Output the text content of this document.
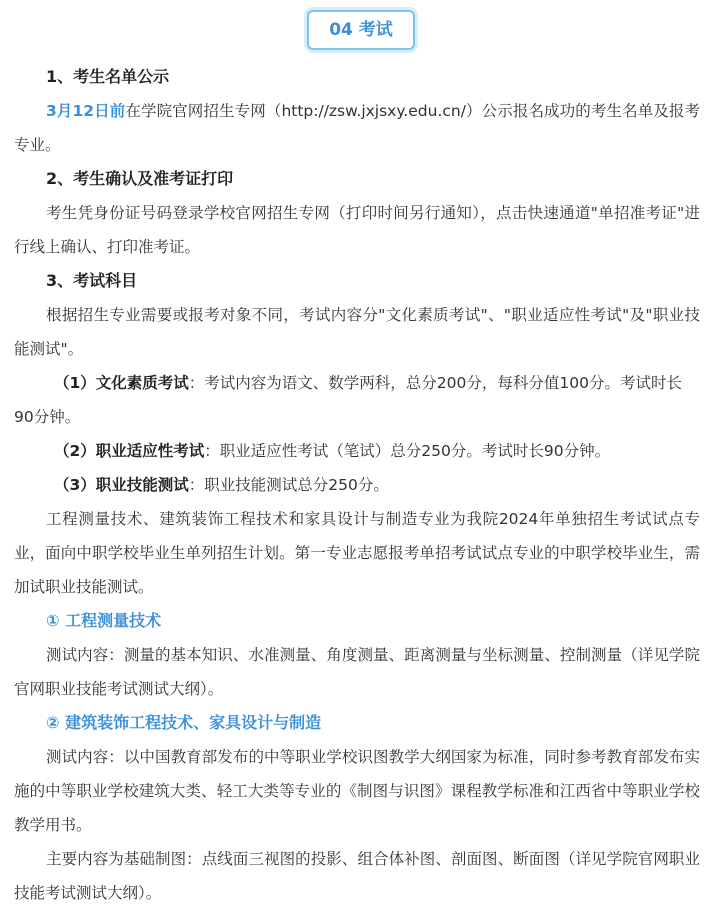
04 考试

1、考生名单公示

3月12日前在学院官网招生专网（http://zsw.jxjsxy.edu.cn/）公示报名成功的考生名单及报考专业。

2、考生确认及准考证打印

考生凭身份证号码登录学校官网招生专网（打印时间另行通知），点击快速通道"单招准考证"进行线上确认、打印准考证。

3、考试科目

根据招生专业需要或报考对象不同，考试内容分"文化素质考试"、"职业适应性考试"及"职业技能测试"。

（1）文化素质考试：考试内容为语文、数学两科，总分200分，每科分值100分。考试时长90分钟。

（2）职业适应性考试：职业适应性考试（笔试）总分250分。考试时长90分钟。

（3）职业技能测试：职业技能测试总分250分。

工程测量技术、建筑装饰工程技术和家具设计与制造专业为我院2024年单独招生考试试点专业，面向中职学校毕业生单列招生计划。第一专业志愿报考单招考试试点专业的中职学校毕业生，需加试职业技能测试。

① 工程测量技术

测试内容：测量的基本知识、水准测量、角度测量、距离测量与坐标测量、控制测量（详见学院官网职业技能考试测试大纲）。

② 建筑装饰工程技术、家具设计与制造

测试内容：以中国教育部发布的中等职业学校识图教学大纲国家为标准，同时参考教育部发布实施的中等职业学校建筑大类、轻工大类等专业的《制图与识图》课程教学标准和江西省中等职业学校教学用书。

主要内容为基础制图：点线面三视图的投影、组合体补图、剖面图、断面图（详见学院官网职业技能考试测试大纲）。
